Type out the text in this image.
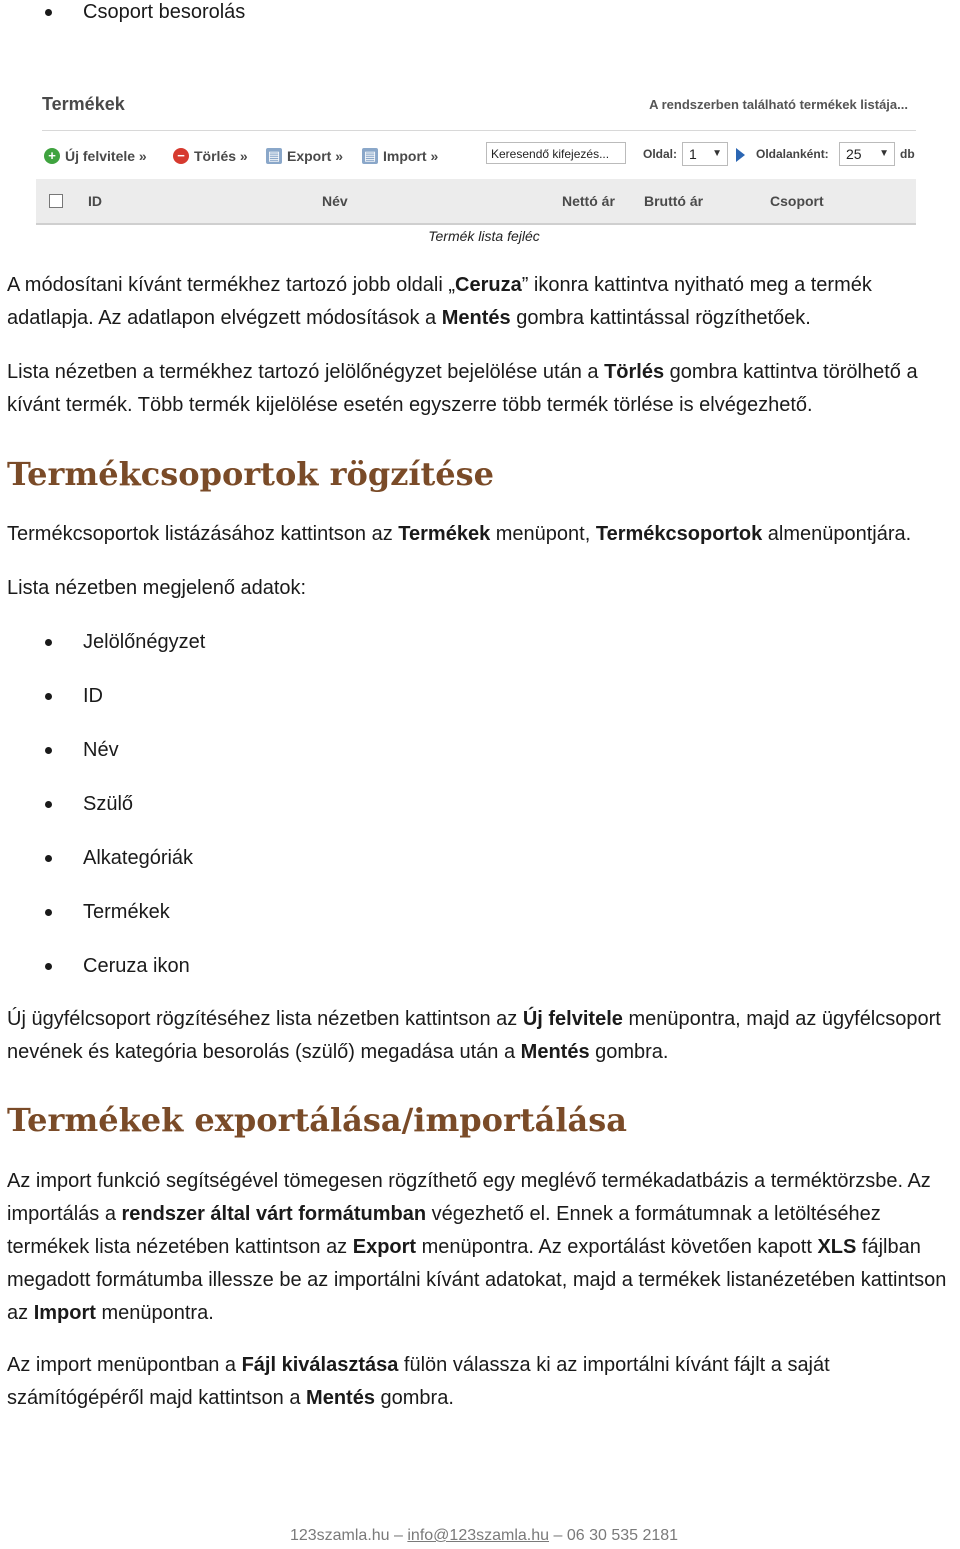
Csoport besorolás
Termékek	A rendszerben található termékek listája...
+ Új felvitele »	− Törlés » ▤ Export » ▤ Import »	Keresendő kifejezés...	Oldal: 1 ▼	Oldalanként:	25 ▼ db
ID	Név	Nettó ár Bruttó ár	Csoport
Termék lista fejléc

A módosítani kívánt termékhez tartozó jobb oldali „Ceruza” ikonra kattintva nyitható meg a termék adatlapja. Az adatlapon elvégzett módosítások a Mentés gombra kattintással rögzíthetőek.

Lista nézetben a termékhez tartozó jelölőnégyzet bejelölése után a Törlés gombra kattintva törölhető a kívánt termék. Több termék kijelölése esetén egyszerre több termék törlése is elvégezhető.

Termékcsoportok rögzítése

Termékcsoportok listázásához kattintson az Termékek menüpont, Termékcsoportok almenüpontjára.

Lista nézetben megjelenő adatok:

Jelölőnégyzet
ID
Név
Szülő
Alkategóriák
Termékek
Ceruza ikon

Új ügyfélcsoport rögzítéséhez lista nézetben kattintson az Új felvitele menüpontra, majd az ügyfélcsoport nevének és kategória besorolás (szülő) megadása után a Mentés gombra.

Termékek exportálása/importálása

Az import funkció segítségével tömegesen rögzíthető egy meglévő termékadatbázis a terméktörzsbe. Az importálás a rendszer által várt formátumban végezhető el. Ennek a formátumnak a letöltéséhez termékek lista nézetében kattintson az Export menüpontra. Az exportálást követően kapott XLS fájlban megadott formátumba illessze be az importálni kívánt adatokat, majd a termékek listanézetében kattintson az Import menüpontra.

Az import menüpontban a Fájl kiválasztása fülön válassza ki az importálni kívánt fájlt a saját számítógépéről majd kattintson a Mentés gombra.

123szamla.hu – info@123szamla.hu – 06 30 535 2181
